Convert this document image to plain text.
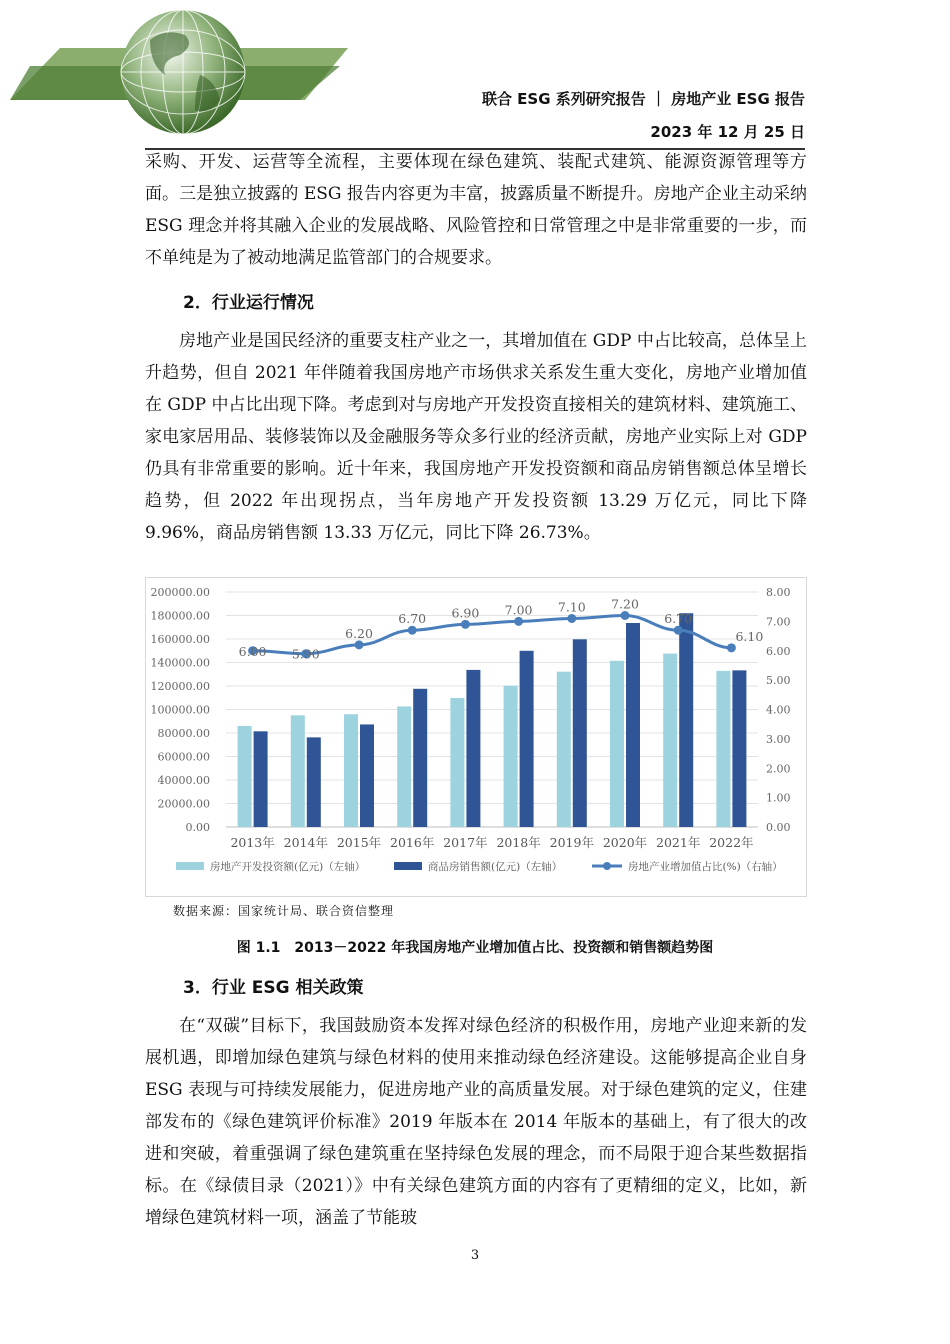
联合 ESG 系列研究报告 ｜ 房地产业 ESG 报告
2023 年 12 月 25 日

采购、开发、运营等全流程，主要体现在绿色建筑、装配式建筑、能源资源管理等方面。三是独立披露的 ESG 报告内容更为丰富，披露质量不断提升。房地产企业主动采纳 ESG 理念并将其融入企业的发展战略、风险管控和日常管理之中是非常重要的一步，而不单纯是为了被动地满足监管部门的合规要求。

2．行业运行情况

房地产业是国民经济的重要支柱产业之一，其增加值在 GDP 中占比较高，总体呈上升趋势，但自 2021 年伴随着我国房地产市场供求关系发生重大变化，房地产业增加值在 GDP 中占比出现下降。考虑到对与房地产开发投资直接相关的建筑材料、建筑施工、家电家居用品、装修装饰以及金融服务等众多行业的经济贡献，房地产业实际上对 GDP 仍具有非常重要的影响。近十年来，我国房地产开发投资额和商品房销售额总体呈增长趋势，但 2022 年出现拐点，当年房地产开发投资额 13.29 万亿元，同比下降 9.96%，商品房销售额 13.33 万亿元，同比下降 26.73%。

0.00
20000.00
40000.00
60000.00
80000.00
100000.00
120000.00
140000.00
160000.00
180000.00
200000.00
0.00
1.00
2.00
3.00
4.00
5.00
6.00
7.00
8.00
2013年 2014年 2015年 2016年 2017年 2018年 2019年 2020年 2021年 2022年
6.00 5.90
6.20
6.70 6.90 7.00 7.10 7.20
6.70
6.10
房地产开发投资额(亿元)（左轴）	商品房销售额(亿元)（左轴）	房地产业增加值占比(%)（右轴）
数据来源：国家统计局、联合资信整理
图 1.1　2013－2022 年我国房地产业增加值占比、投资额和销售额趋势图

3．行业 ESG 相关政策

在“双碳”目标下，我国鼓励资本发挥对绿色经济的积极作用，房地产业迎来新的发展机遇，即增加绿色建筑与绿色材料的使用来推动绿色经济建设。这能够提高企业自身 ESG 表现与可持续发展能力，促进房地产业的高质量发展。对于绿色建筑的定义，住建部发布的《绿色建筑评价标准》2019 年版本在 2014 年版本的基础上，有了很大的改进和突破，着重强调了绿色建筑重在坚持绿色发展的理念，而不局限于迎合某些数据指标。在《绿债目录（2021）》中有关绿色建筑方面的内容有了更精细的定义，比如，新增绿色建筑材料一项，涵盖了节能玻

3
